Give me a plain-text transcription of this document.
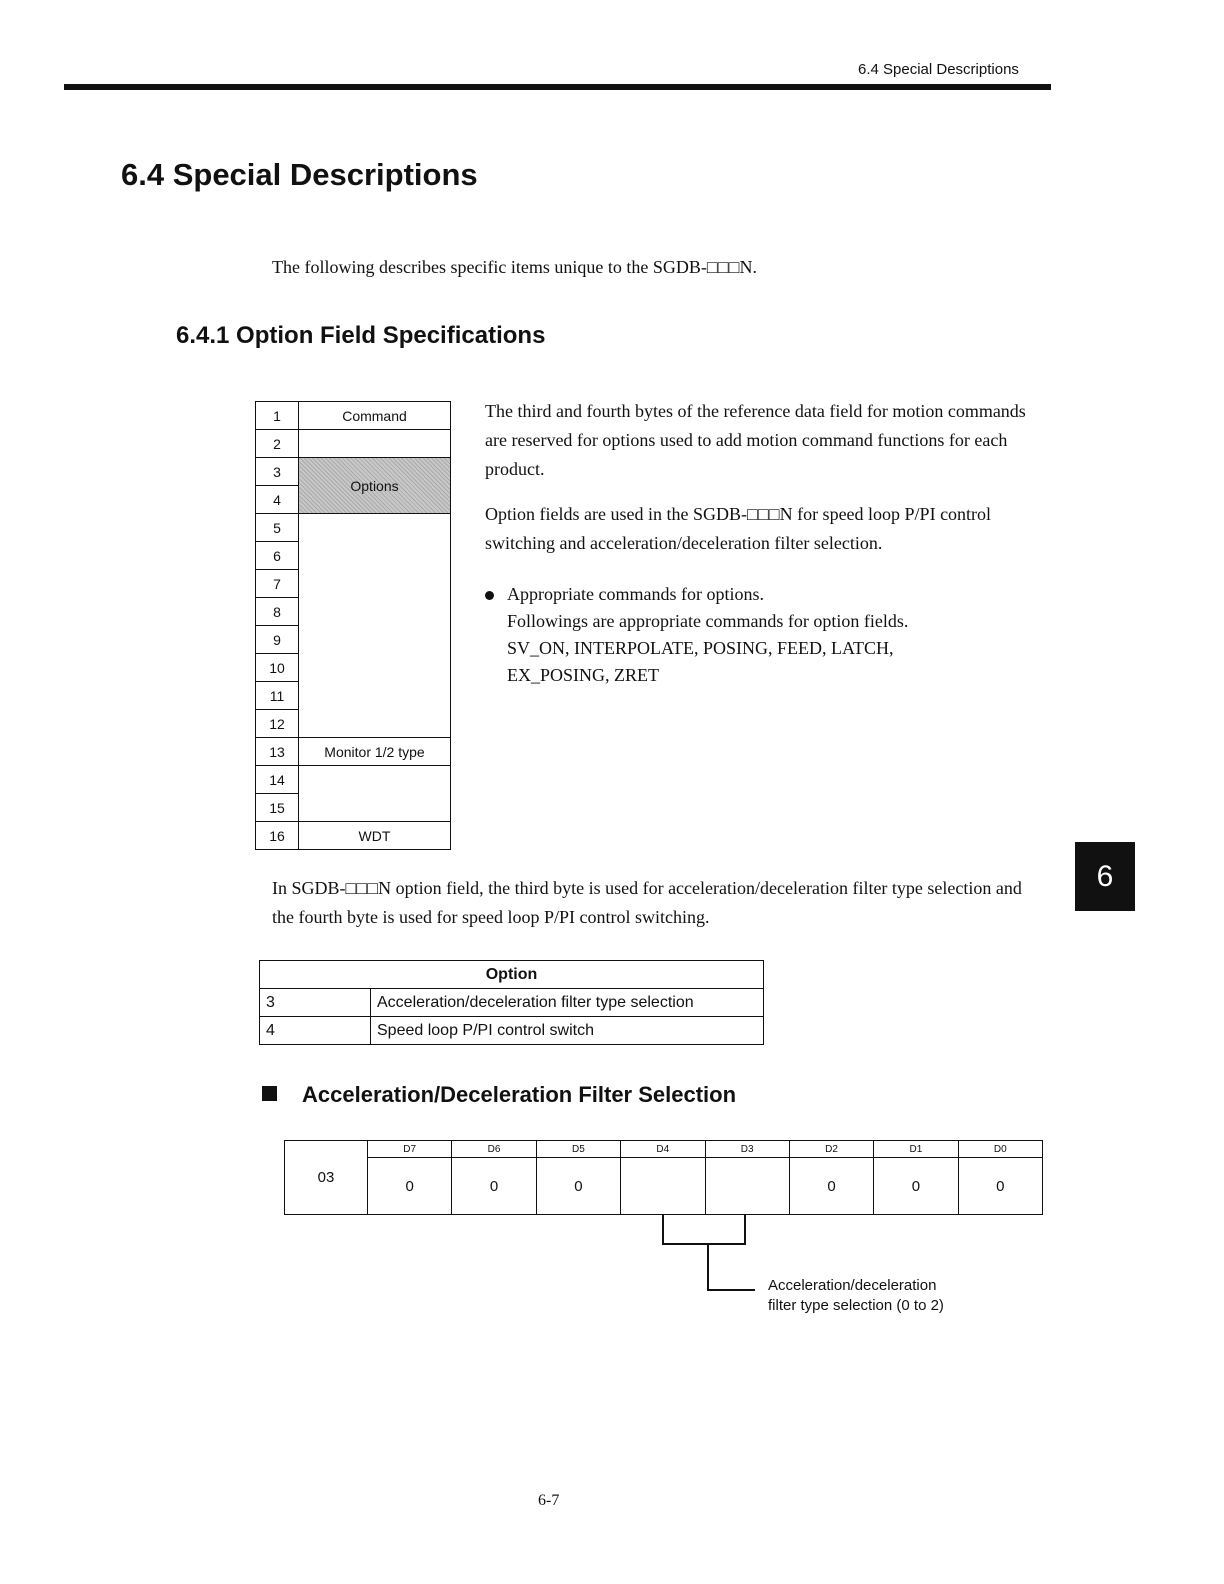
6.4 Special Descriptions
6.4 Special Descriptions
The following describes specific items unique to the SGDB-□□□N.
6.4.1 Option Field Specifications
1	Command
2	
3	Options
4	
5	
6	
7	
8	
9	
10	
11	
12	
13	Monitor 1/2 type
14	
15	
16	WDT

The third and fourth bytes of the reference data field for motion commands are reserved for options used to add motion command functions for each product.

Option fields are used in the SGDB-□□□N for speed loop P/PI control switching and acceleration/deceleration filter selection.

Appropriate commands for options.
Followings are appropriate commands for option fields.
SV_ON, INTERPOLATE, POSING, FEED, LATCH,
EX_POSING, ZRET
In SGDB-□□□N option field, the third byte is used for acceleration/deceleration filter type selection and the fourth byte is used for speed loop P/PI control switching.
Option	
3	Acceleration/deceleration filter type selection
4	Speed loop P/PI control switch
Acceleration/Deceleration Filter Selection
03	D7	D6	D5	D4	D3	D2	D1	D0
	0	0	0			0	0	0
Acceleration/deceleration
filter type selection (0 to 2)
6
6-7
